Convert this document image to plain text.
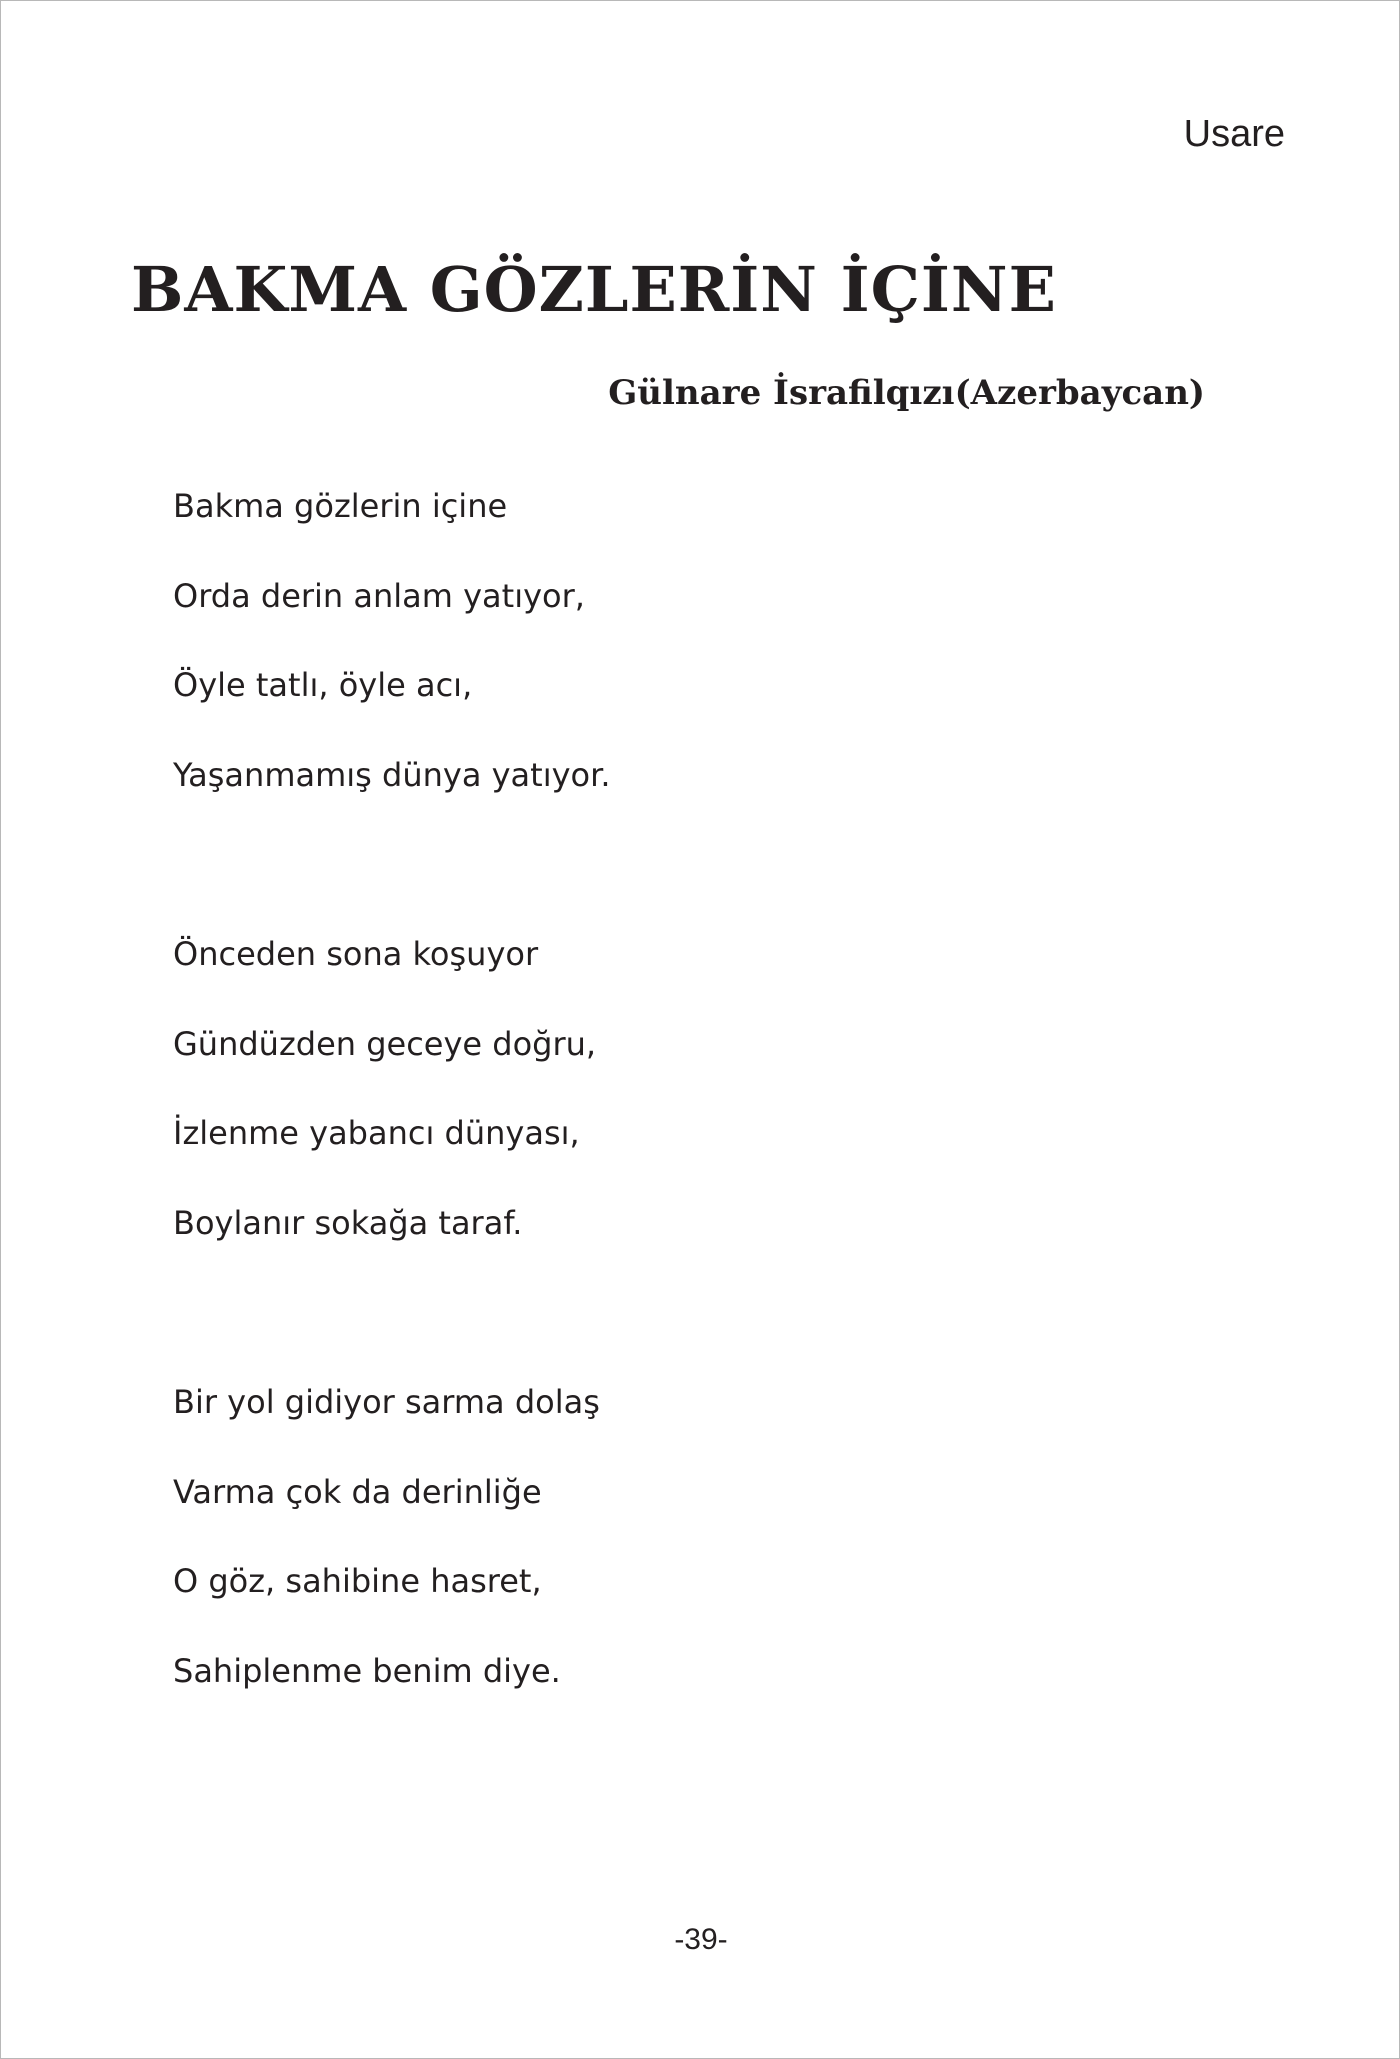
Usare
BAKMA GÖZLERİN İÇİNE
Gülnare İsrafilqızı(Azerbaycan)
Bakma gözlerin içine
Orda derin anlam yatıyor,
Öyle tatlı, öyle acı,
Yaşanmamış dünya yatıyor.
Önceden sona koşuyor
Gündüzden geceye doğru,
İzlenme yabancı dünyası,
Boylanır sokağa taraf.
Bir yol gidiyor sarma dolaş
Varma çok da derinliğe
O göz, sahibine hasret,
Sahiplenme benim diye.
-39-
